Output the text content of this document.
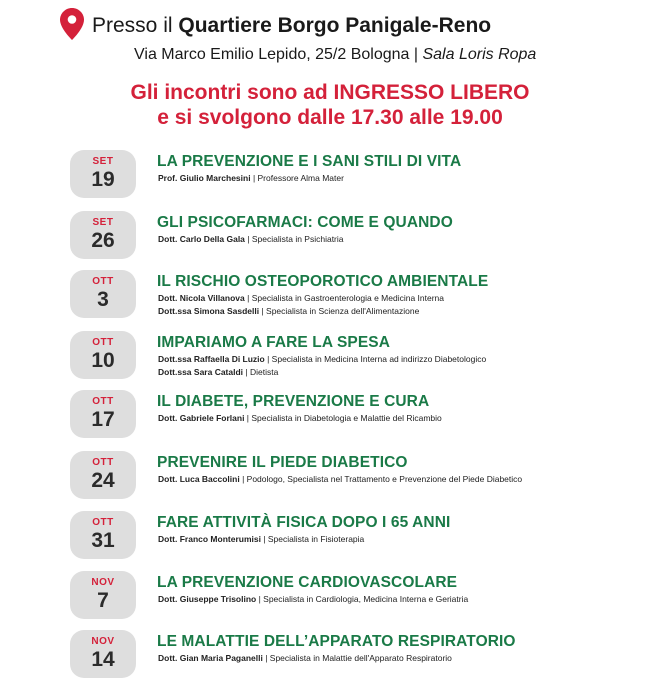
Presso il Quartiere Borgo Panigale-Reno
Via Marco Emilio Lepido, 25/2 Bologna | Sala Loris Ropa
Gli incontri sono ad INGRESSO LIBERO
e si svolgono dalle 17.30 alle 19.00
SET
19
LA PREVENZIONE E I SANI STILI DI VITA
Prof. Giulio Marchesini | Professore Alma Mater
SET
26
GLI PSICOFARMACI: COME E QUANDO
Dott. Carlo Della Gala | Specialista in Psichiatria
OTT
3
IL RISCHIO OSTEOPOROTICO AMBIENTALE
Dott. Nicola Villanova | Specialista in Gastroenterologia e Medicina Interna
Dott.ssa Simona Sasdelli | Specialista in Scienza dell'Alimentazione
OTT
10
IMPARIAMO A FARE LA SPESA
Dott.ssa Raffaella Di Luzio | Specialista in Medicina Interna ad indirizzo Diabetologico
Dott.ssa Sara Cataldi | Dietista
OTT
17
IL DIABETE, PREVENZIONE E CURA
Dott. Gabriele Forlani | Specialista in Diabetologia e Malattie del Ricambio
OTT
24
PREVENIRE IL PIEDE DIABETICO
Dott. Luca Baccolini | Podologo, Specialista nel Trattamento e Prevenzione del Piede Diabetico
OTT
31
FARE ATTIVITÀ FISICA DOPO I 65 ANNI
Dott. Franco Monterumisi | Specialista in Fisioterapia
NOV
7
LA PREVENZIONE CARDIOVASCOLARE
Dott. Giuseppe Trisolino | Specialista in Cardiologia, Medicina Interna e Geriatria
NOV
14
LE MALATTIE DELL’APPARATO RESPIRATORIO
Dott. Gian Maria Paganelli | Specialista in Malattie dell'Apparato Respiratorio
